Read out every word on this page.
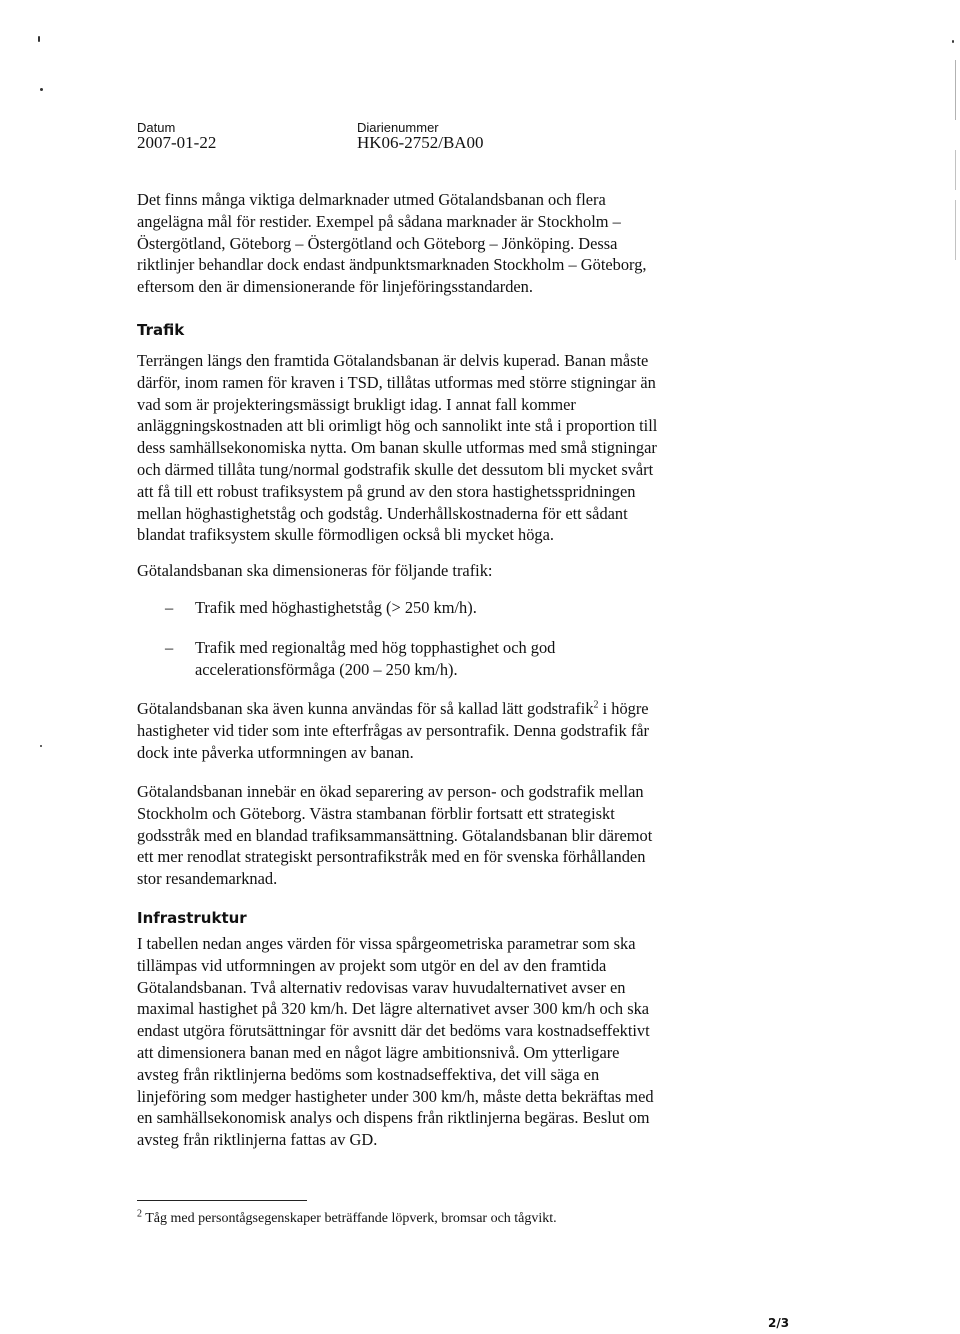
Datum
2007-01-22
Diarienummer
HK06-2752/BA00
Det finns många viktiga delmarknader utmed Götalandsbanan och flera
angelägna mål för restider. Exempel på sådana marknader är Stockholm –
Östergötland, Göteborg – Östergötland och Göteborg – Jönköping. Dessa
riktlinjer behandlar dock endast ändpunktsmarknaden Stockholm – Göteborg,
eftersom den är dimensionerande för linjeföringsstandarden.
Trafik
Terrängen längs den framtida Götalandsbanan är delvis kuperad. Banan måste
därför, inom ramen för kraven i TSD, tillåtas utformas med större stigningar än
vad som är projekteringsmässigt brukligt idag. I annat fall kommer
anläggningskostnaden att bli orimligt hög och sannolikt inte stå i proportion till
dess samhällsekonomiska nytta. Om banan skulle utformas med små stigningar
och därmed tillåta tung/normal godstrafik skulle det dessutom bli mycket svårt
att få till ett robust trafiksystem på grund av den stora hastighetsspridningen
mellan höghastighetståg och godståg. Underhållskostnaderna för ett sådant
blandat trafiksystem skulle förmodligen också bli mycket höga.
Götalandsbanan ska dimensioneras för följande trafik:
– Trafik med höghastighetståg (> 250 km/h).
– Trafik med regionaltåg med hög topphastighet och god
accelerationsförmåga (200 – 250 km/h).
Götalandsbanan ska även kunna användas för så kallad lätt godstrafik$^2$ i högre
hastigheter vid tider som inte efterfrågas av persontrafik. Denna godstrafik får
dock inte påverka utformningen av banan.
Götalandsbanan innebär en ökad separering av person- och godstrafik mellan
Stockholm och Göteborg. Västra stambanan förblir fortsatt ett strategiskt
godsstråk med en blandad trafiksammansättning. Götalandsbanan blir däremot
ett mer renodlat strategiskt persontrafikstråk med en för svenska förhållanden
stor resandemarknad.
Infrastruktur
I tabellen nedan anges värden för vissa spårgeometriska parametrar som ska
tillämpas vid utformningen av projekt som utgör en del av den framtida
Götalandsbanan. Två alternativ redovisas varav huvudalternativet avser en
maximal hastighet på 320 km/h. Det lägre alternativet avser 300 km/h och ska
endast utgöra förutsättningar för avsnitt där det bedöms vara kostnadseffektivt
att dimensionera banan med en något lägre ambitionsnivå. Om ytterligare
avsteg från riktlinjerna bedöms som kostnadseffektiva, det vill säga en
linjeföring som medger hastigheter under 300 km/h, måste detta bekräftas med
en samhällsekonomisk analys och dispens från riktlinjerna begäras. Beslut om
avsteg från riktlinjerna fattas av GD.
$^2$ Tåg med persontågsegenskaper beträffande löpverk, bromsar och tågvikt.
2/3
